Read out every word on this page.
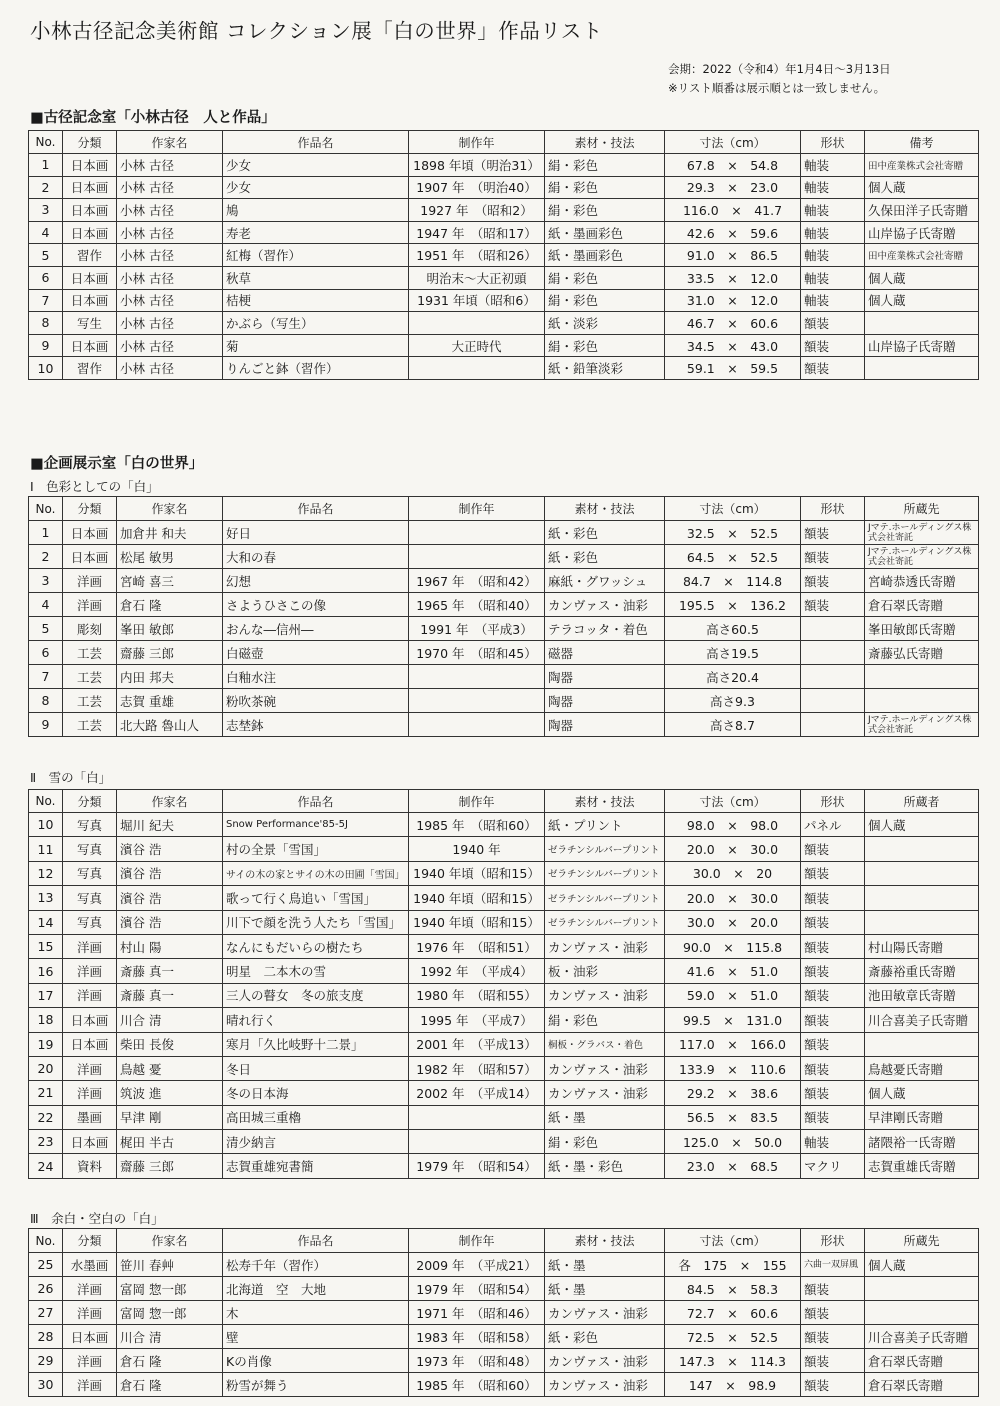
小林古径記念美術館 コレクション展「白の世界」作品リスト
会期：2022（令和4）年1月4日～3月13日
※リスト順番は展示順とは一致しません。
■古径記念室「小林古径　人と作品」
No.	分類	作家名	作品名	制作年	素材・技法	寸法（cm）	形状	備考
1	日本画	小林 古径	少女	1898 年頃（明治31）	絹・彩色	67.8　×　54.8	軸装	田中産業株式会社寄贈
2	日本画	小林 古径	少女	1907 年　（明治40）	絹・彩色	29.3　×　23.0	軸装	個人蔵
3	日本画	小林 古径	鳩	1927 年　（昭和2）	絹・彩色	116.0　×　41.7	軸装	久保田洋子氏寄贈
4	日本画	小林 古径	寿老	1947 年　（昭和17）	紙・墨画彩色	42.6　×　59.6	軸装	山岸協子氏寄贈
5	習作	小林 古径	紅梅（習作）	1951 年　（昭和26）	紙・墨画彩色	91.0　×　86.5	軸装	田中産業株式会社寄贈
6	日本画	小林 古径	秋草	明治末～大正初頭	絹・彩色	33.5　×　12.0	軸装	個人蔵
7	日本画	小林 古径	桔梗	1931 年頃（昭和6）	絹・彩色	31.0　×　12.0	軸装	個人蔵
8	写生	小林 古径	かぶら（写生）		紙・淡彩	46.7　×　60.6	額装	
9	日本画	小林 古径	菊	大正時代	絹・彩色	34.5　×　43.0	額装	山岸協子氏寄贈
10	習作	小林 古径	りんごと鉢（習作）		紙・鉛筆淡彩	59.1　×　59.5	額装	
■企画展示室「白の世界」
Ⅰ　色彩としての「白」
No.	分類	作家名	作品名	制作年	素材・技法	寸法（cm）	形状	所蔵先
1	日本画	加倉井 和夫	好日		紙・彩色	32.5　×　52.5	額装	Jマテ.ホールディングス株式会社寄託
2	日本画	松尾 敏男	大和の春		紙・彩色	64.5　×　52.5	額装	Jマテ.ホールディングス株式会社寄託
3	洋画	宮崎 喜三	幻想	1967 年　（昭和42）	麻紙・グワッシュ	84.7　×　114.8	額装	宮崎恭透氏寄贈
4	洋画	倉石 隆	さようひさこの像	1965 年　（昭和40）	カンヴァス・油彩	195.5　×　136.2	額装	倉石翠氏寄贈
5	彫刻	峯田 敏郎	おんな―信州―	1991 年　（平成3）	テラコッタ・着色	高さ60.5		峯田敏郎氏寄贈
6	工芸	齋藤 三郎	白磁壺	1970 年　（昭和45）	磁器	高さ19.5		斎藤弘氏寄贈
7	工芸	内田 邦夫	白釉水注		陶器	高さ20.4		
8	工芸	志賀 重雄	粉吹茶碗		陶器	高さ9.3		
9	工芸	北大路 魯山人	志埜鉢		陶器	高さ8.7		Jマテ.ホールディングス株式会社寄託
Ⅱ　雪の「白」
No.	分類	作家名	作品名	制作年	素材・技法	寸法（cm）	形状	所蔵者
10	写真	堀川 紀夫	Snow Performance'85-5J	1985 年　（昭和60）	紙・プリント	98.0　×　98.0	パネル	個人蔵
11	写真	濱谷 浩	村の全景「雪国」	1940 年	ゼラチンシルバープリント	20.0　×　30.0	額装	
12	写真	濱谷 浩	サイの木の家とサイの木の田圃「雪国」	1940 年頃（昭和15）	ゼラチンシルバープリント	30.0　×　20	額装	
13	写真	濱谷 浩	歌って行く鳥追い「雪国」	1940 年頃（昭和15）	ゼラチンシルバープリント	20.0　×　30.0	額装	
14	写真	濱谷 浩	川下で顔を洗う人たち「雪国」	1940 年頃（昭和15）	ゼラチンシルバープリント	30.0　×　20.0	額装	
15	洋画	村山 陽	なんにもだいらの樹たち	1976 年　（昭和51）	カンヴァス・油彩	90.0　×　115.8	額装	村山陽氏寄贈
16	洋画	斎藤 真一	明星　二本木の雪	1992 年　（平成4）	板・油彩	41.6　×　51.0	額装	斎藤裕重氏寄贈
17	洋画	斎藤 真一	三人の瞽女　冬の旅支度	1980 年　（昭和55）	カンヴァス・油彩	59.0　×　51.0	額装	池田敏章氏寄贈
18	日本画	川合 清	晴れ行く	1995 年　（平成7）	絹・彩色	99.5　×　131.0	額装	川合喜美子氏寄贈
19	日本画	柴田 長俊	寒月「久比岐野十二景」	2001 年　（平成13）	桐板・グラバス・着色	117.0　×　166.0	額装	
20	洋画	鳥越 憂	冬日	1982 年　（昭和57）	カンヴァス・油彩	133.9　×　110.6	額装	鳥越憂氏寄贈
21	洋画	筑波 進	冬の日本海	2002 年　（平成14）	カンヴァス・油彩	29.2　×　38.6	額装	個人蔵
22	墨画	早津 剛	高田城三重櫓		紙・墨	56.5　×　83.5	額装	早津剛氏寄贈
23	日本画	梶田 半古	清少納言		絹・彩色	125.0　×　50.0	軸装	諸隈裕一氏寄贈
24	資料	齋藤 三郎	志賀重雄宛書簡	1979 年　（昭和54）	紙・墨・彩色	23.0　×　68.5	マクリ	志賀重雄氏寄贈
Ⅲ　余白・空白の「白」
No.	分類	作家名	作品名	制作年	素材・技法	寸法（cm）	形状	所蔵先
25	水墨画	笹川 春艸	松寿千年（習作）	2009 年　（平成21）	紙・墨	各　175　×　155	六曲一双屏風	個人蔵
26	洋画	富岡 惣一郎	北海道　空　大地	1979 年　（昭和54）	紙・墨	84.5　×　58.3	額装	
27	洋画	富岡 惣一郎	木	1971 年　（昭和46）	カンヴァス・油彩	72.7　×　60.6	額装	
28	日本画	川合 清	壁	1983 年　（昭和58）	紙・彩色	72.5　×　52.5	額装	川合喜美子氏寄贈
29	洋画	倉石 隆	Kの肖像	1973 年　（昭和48）	カンヴァス・油彩	147.3　×　114.3	額装	倉石翠氏寄贈
30	洋画	倉石 隆	粉雪が舞う	1985 年　（昭和60）	カンヴァス・油彩	147　×　98.9	額装	倉石翠氏寄贈
